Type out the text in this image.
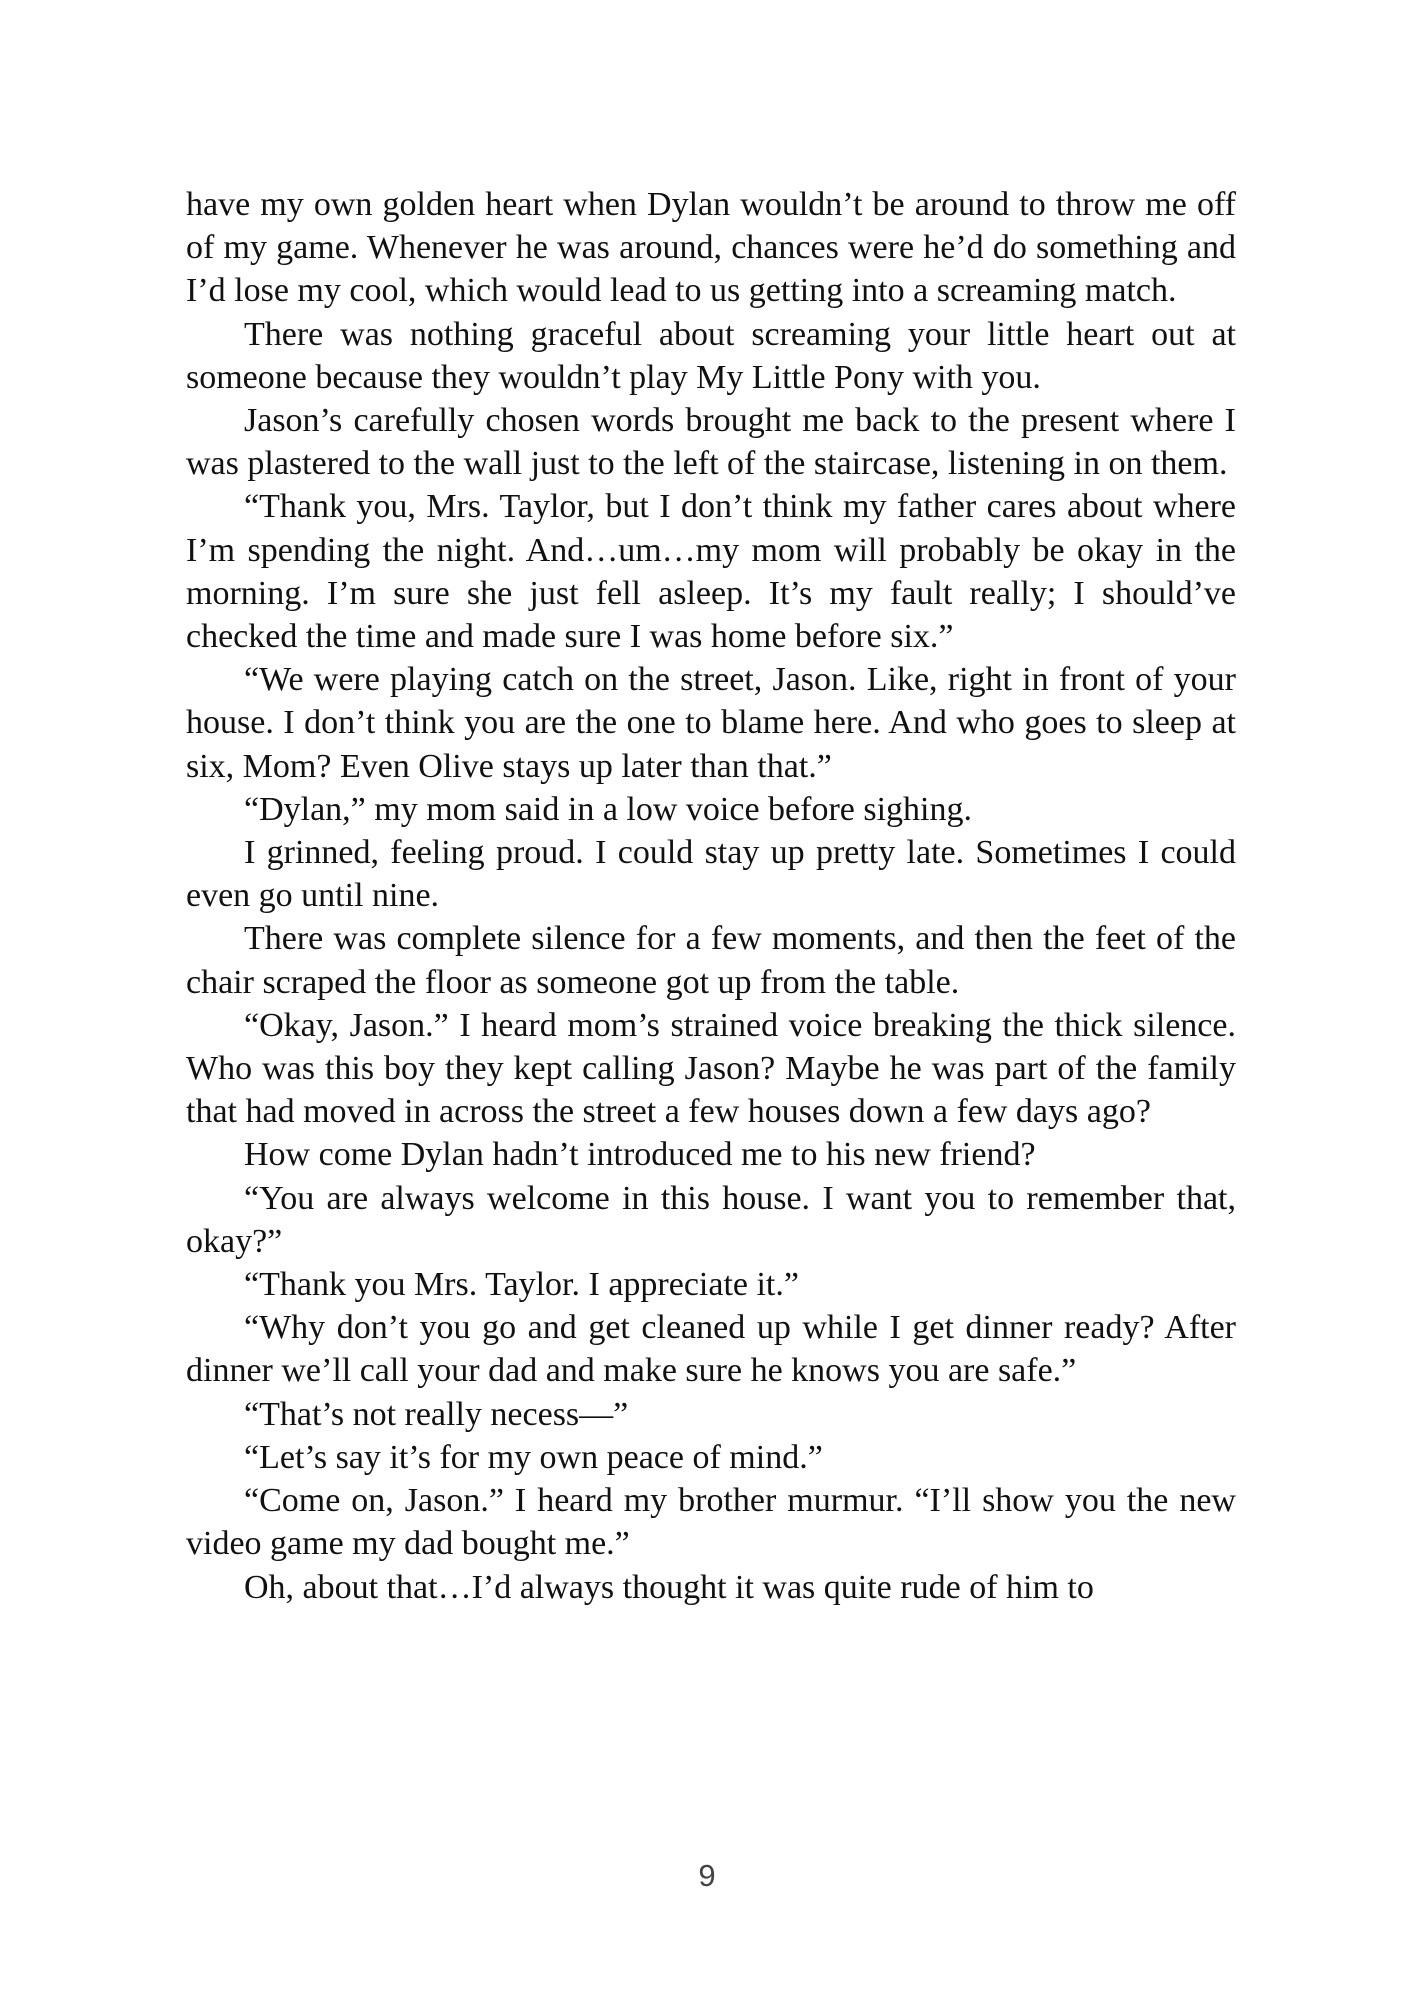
have my own golden heart when Dylan wouldn’t be around to throw me off of my game. Whenever he was around, chances were he’d do something and I’d lose my cool, which would lead to us getting into a screaming match.

There was nothing graceful about screaming your little heart out at someone because they wouldn’t play My Little Pony with you.

Jason’s carefully chosen words brought me back to the present where I was plastered to the wall just to the left of the staircase, listening in on them.

“Thank you, Mrs. Taylor, but I don’t think my father cares about where I’m spending the night. And…um…my mom will probably be okay in the morning. I’m sure she just fell asleep. It’s my fault really; I should’ve checked the time and made sure I was home before six.”

“We were playing catch on the street, Jason. Like, right in front of your house. I don’t think you are the one to blame here. And who goes to sleep at six, Mom? Even Olive stays up later than that.”

“Dylan,” my mom said in a low voice before sighing.

I grinned, feeling proud. I could stay up pretty late. Sometimes I could even go until nine.

There was complete silence for a few moments, and then the feet of the chair scraped the floor as someone got up from the table.

“Okay, Jason.” I heard mom’s strained voice breaking the thick silence. Who was this boy they kept calling Jason? Maybe he was part of the family that had moved in across the street a few houses down a few days ago?

How come Dylan hadn’t introduced me to his new friend?

“You are always welcome in this house. I want you to remember that, okay?”

“Thank you Mrs. Taylor. I appreciate it.”

“Why don’t you go and get cleaned up while I get dinner ready? After dinner we’ll call your dad and make sure he knows you are safe.”

“That’s not really necess—”

“Let’s say it’s for my own peace of mind.”

“Come on, Jason.” I heard my brother murmur. “I’ll show you the new video game my dad bought me.”

Oh, about that…I’d always thought it was quite rude of him to

9
